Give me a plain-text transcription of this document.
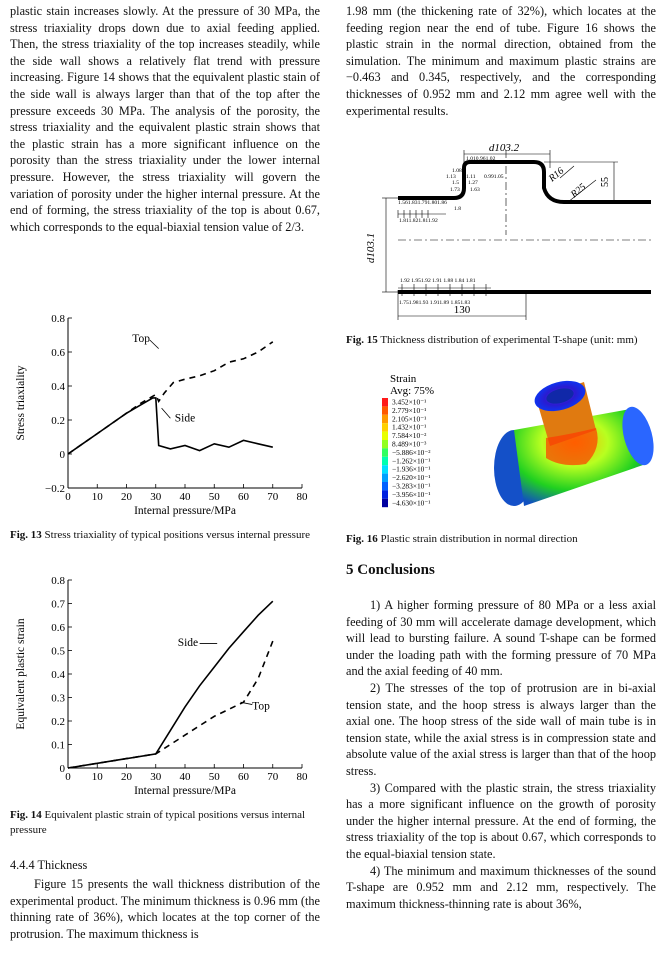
plastic stain increases slowly. At the pressure of 30 MPa, the stress triaxiality drops down due to axial feeding applied. Then, the stress triaxiality of the top increases steadily, while the side wall shows a relatively flat trend with pressure increasing. Figure 14 shows that the equivalent plastic stain of the side wall is always larger than that of the top after the pressure exceeds 30 MPa. The analysis of the porosity, the stress triaxiality and the equivalent plastic strain shows that the plastic strain has a more significant influence on the porosity than the stress triaxiality under the lower internal pressure. However, the stress triaxiality will govern the variation of porosity under the higher internal pressure. At the end of forming, the stress triaxiality of the top is about 0.67, which corresponds to the equal-biaxial tension value of 2/3.

0 10 20 30 40 50 60 70 80
−0.2
0
0.2
0.4
0.6
0.8
Internal pressure/MPa
Stress triaxiality
Top
Side

Fig. 13 Stress triaxiality of typical positions versus internal pressure

0 10 20 30 40 50 60 70 80
0
0.1
0.2
0.3
0.4
0.5
0.6
0.7
0.8
Internal pressure/MPa
Equivalent plastic strain	Side
Top

Fig. 14 Equivalent plastic strain of typical positions versus internal pressure

4.4.4 Thickness

Figure 15 presents the wall thickness distribution of the experimental product. The minimum thickness is 0.96 mm (the thinning rate of 36%), which locates at the top corner of the protrusion. The maximum thickness is

1.98 mm (the thickening rate of 32%), which locates at the feeding region near the end of tube. Figure 16 shows the plastic strain in the normal direction, obtained from the simulation. The minimum and maximum plastic strains are −0.463 and 0.345, respectively, and the corresponding thicknesses of 0.952 mm and 2.12 mm agree well with the experimental results.

d103.2
d103.1
130
55
R16
R25
1.010.961.02
1.08
1.13 1.11 0.991.05
1.5 1.27
1.73 1.63
1.561.831.791.801.86
1.8
1.811.821.811.92
1.92 1.951.92 1.91 1.88 1.84 1.81
1.751.981.93 1.911.89 1.851.83

Fig. 15 Thickness distribution of experimental T-shape (unit: mm)

Strain
Avg: 75%
3.452×10⁻¹
2.779×10⁻¹
2.105×10⁻¹
1.432×10⁻¹
7.584×10⁻²
8.489×10⁻³
−5.886×10⁻²
−1.262×10⁻¹
−1.936×10⁻¹
−2.620×10⁻¹
−3.283×10⁻¹
−3.956×10⁻¹
−4.630×10⁻¹

Fig. 16 Plastic strain distribution in normal direction

5 Conclusions

1) A higher forming pressure of 80 MPa or a less axial feeding of 30 mm will accelerate damage development, which will lead to bursting failure. A sound T-shape can be formed under the loading path with the forming pressure of 70 MPa and the axial feeding of 40 mm.

2) The stresses of the top of protrusion are in bi-axial tension state, and the hoop stress is always larger than the axial one. The hoop stress of the side wall of main tube is in tension state, while the axial stress is in compression state and absolute value of the axial stress is larger than that of the hoop stress.

3) Compared with the plastic strain, the stress triaxiality has a more significant influence on the growth of porosity under the higher internal pressure. At the end of forming, the stress triaxiality of the top is about 0.67, which corresponds to the equal-biaxial tension state.

4) The minimum and maximum thicknesses of the sound T-shape are 0.952 mm and 2.12 mm, respectively. The maximum thickness-thinning rate is about 36%,
